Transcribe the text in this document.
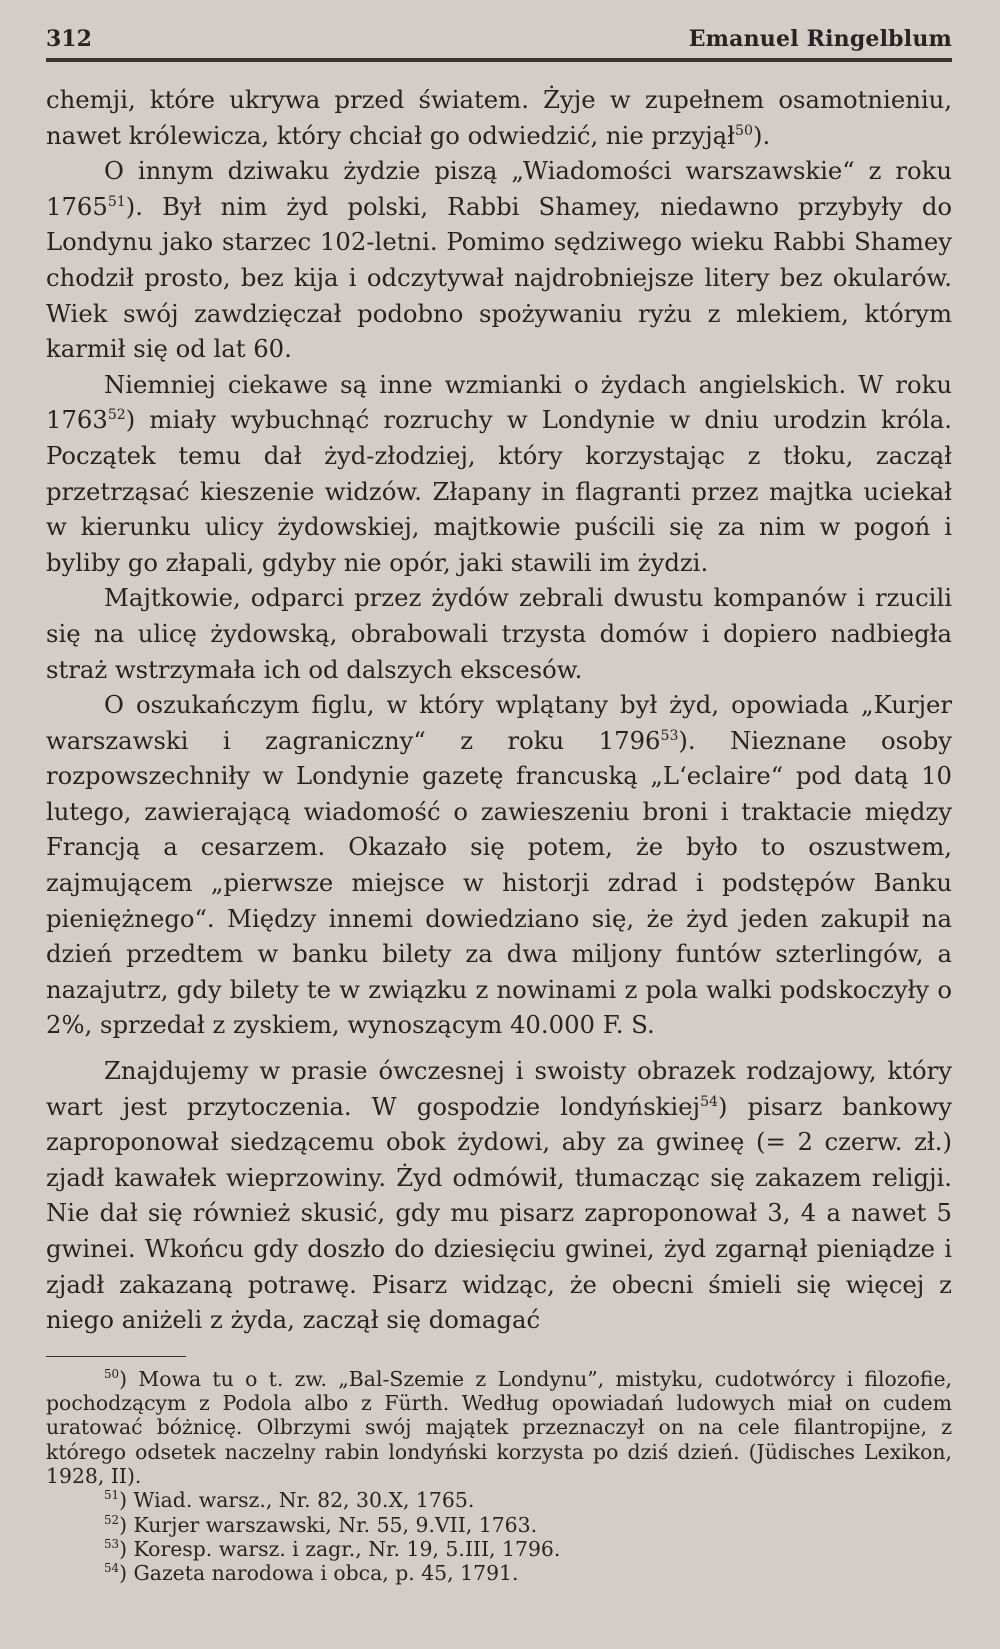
312	Emanuel Ringelblum

chemji, które ukrywa przed światem. Żyje w zupełnem osamotnieniu, nawet królewicza, który chciał go odwiedzić, nie przyjął$^{50}$).

O innym dziwaku żydzie piszą „Wiadomości warszawskie“ z roku 1765$^{51}$). Był nim żyd polski, Rabbi Shamey, niedawno przybyły do Londynu jako starzec 102-letni. Pomimo sędziwego wieku Rabbi Shamey chodził prosto, bez kija i odczytywał najdrobniejsze litery bez okularów. Wiek swój zawdzięczał podobno spożywaniu ryżu z mlekiem, którym karmił się od lat 60.

Niemniej ciekawe są inne wzmianki o żydach angielskich. W roku 1763$^{52}$) miały wybuchnąć rozruchy w Londynie w dniu urodzin króla. Początek temu dał żyd-złodziej, który korzystając z tłoku, zaczął przetrząsać kieszenie widzów. Złapany in flagranti przez majtka uciekał w kierunku ulicy żydowskiej, majtkowie puścili się za nim w pogoń i byliby go złapali, gdyby nie opór, jaki stawili im żydzi.

Majtkowie, odparci przez żydów zebrali dwustu kompanów i rzucili się na ulicę żydowską, obrabowali trzysta domów i dopiero nadbiegła straż wstrzymała ich od dalszych ekscesów.

O oszukańczym figlu, w który wplątany był żyd, opowiada „Kurjer warszawski i zagraniczny“ z roku 1796$^{53}$). Nieznane osoby rozpowszechniły w Londynie gazetę francuską „L‘eclaire“ pod datą 10 lutego, zawierającą wiadomość o zawieszeniu broni i traktacie między Francją a cesarzem. Okazało się potem, że było to oszustwem, zajmującem „pierwsze miejsce w historji zdrad i podstępów Banku pieniężnego“. Między innemi dowiedziano się, że żyd jeden zakupił na dzień przedtem w banku bilety za dwa miljony funtów szterlingów, a nazajutrz, gdy bilety te w związku z nowinami z pola walki podskoczyły o 2%, sprzedał z zyskiem, wynoszącym 40.000 F. S.

Znajdujemy w prasie ówczesnej i swoisty obrazek rodzajowy, który wart jest przytoczenia. W gospodzie londyńskiej$^{54}$) pisarz bankowy zaproponował siedzącemu obok żydowi, aby za gwineę (= 2 czerw. zł.) zjadł kawałek wieprzowiny. Żyd odmówił, tłumacząc się zakazem religji. Nie dał się również skusić, gdy mu pisarz zaproponował 3, 4 a nawet 5 gwinei. Wkońcu gdy doszło do dziesięciu gwinei, żyd zgarnął pieniądze i zjadł zakazaną potrawę. Pisarz widząc, że obecni śmieli się więcej z niego aniżeli z żyda, zaczął się domagać

$^{50}$) Mowa tu o t. zw. „Bal-Szemie z Londynu”, mistyku, cudotwórcy i filozofie, pochodzącym z Podola albo z Fürth. Według opowiadań ludowych miał on cudem uratować bóżnicę. Olbrzymi swój majątek przeznaczył on na cele filantropijne, z którego odsetek naczelny rabin londyński korzysta po dziś dzień. (Jüdisches Lexikon, 1928, II).

$^{51}$) Wiad. warsz., Nr. 82, 30.X, 1765.

$^{52}$) Kurjer warszawski, Nr. 55, 9.VII, 1763.

$^{53}$) Koresp. warsz. i zagr., Nr. 19, 5.III, 1796.

$^{54}$) Gazeta narodowa i obca, p. 45, 1791.
